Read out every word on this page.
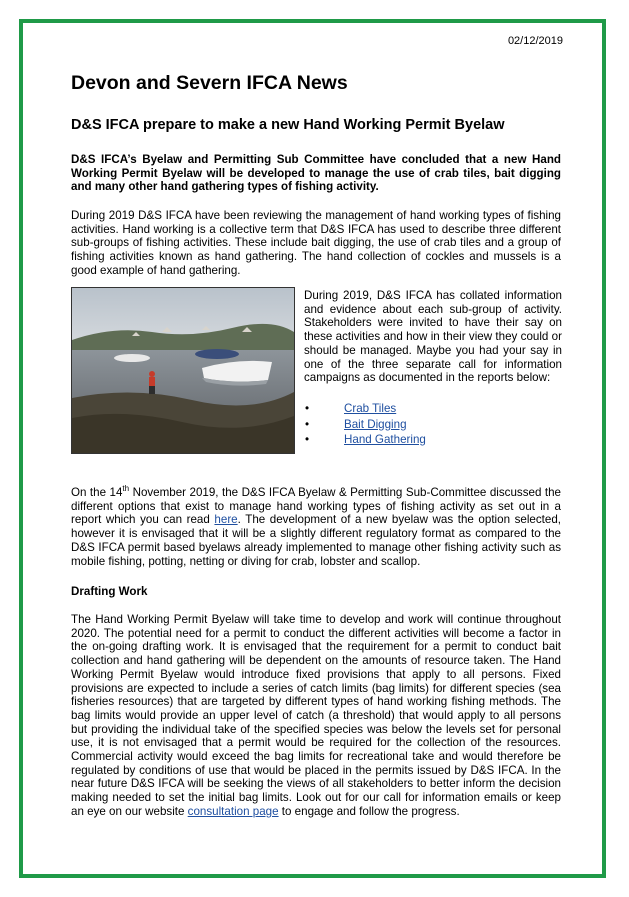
02/12/2019
Devon and Severn IFCA News
D&S IFCA prepare to make a new Hand Working Permit Byelaw

D&S IFCA’s Byelaw and Permitting Sub Committee have concluded that a new Hand Working Permit Byelaw will be developed to manage the use of crab tiles, bait digging and many other hand gathering types of fishing activity.

During 2019 D&S IFCA have been reviewing the management of hand working types of fishing activities. Hand working is a collective term that D&S IFCA has used to describe three different sub-groups of fishing activities. These include bait digging, the use of crab tiles and a group of fishing activities known as hand gathering. The hand collection of cockles and mussels is a good example of hand gathering.

During 2019, D&S IFCA has collated information and evidence about each sub-group of activity. Stakeholders were invited to have their say on these activities and how in their view they could or should be managed. Maybe you had your say in one of the three separate call for information campaigns as documented in the reports below:

• Crab Tiles
• Bait Digging
• Hand Gathering

On the 14th November 2019, the D&S IFCA Byelaw & Permitting Sub-Committee discussed the different options that exist to manage hand working types of fishing activity as set out in a report which you can read here. The development of a new byelaw was the option selected, however it is envisaged that it will be a slightly different regulatory format as compared to the D&S IFCA permit based byelaws already implemented to manage other fishing activity such as mobile fishing, potting, netting or diving for crab, lobster and scallop.

Drafting Work

The Hand Working Permit Byelaw will take time to develop and work will continue throughout 2020. The potential need for a permit to conduct the different activities will become a factor in the on-going drafting work. It is envisaged that the requirement for a permit to conduct bait collection and hand gathering will be dependent on the amounts of resource taken. The Hand Working Permit Byelaw would introduce fixed provisions that apply to all persons. Fixed provisions are expected to include a series of catch limits (bag limits) for different species (sea fisheries resources) that are targeted by different types of hand working fishing methods. The bag limits would provide an upper level of catch (a threshold) that would apply to all persons but providing the individual take of the specified species was below the levels set for personal use, it is not envisaged that a permit would be required for the collection of the resources. Commercial activity would exceed the bag limits for recreational take and would therefore be regulated by conditions of use that would be placed in the permits issued by D&S IFCA. In the near future D&S IFCA will be seeking the views of all stakeholders to better inform the decision making needed to set the initial bag limits. Look out for our call for information emails or keep an eye on our website consultation page to engage and follow the progress.
